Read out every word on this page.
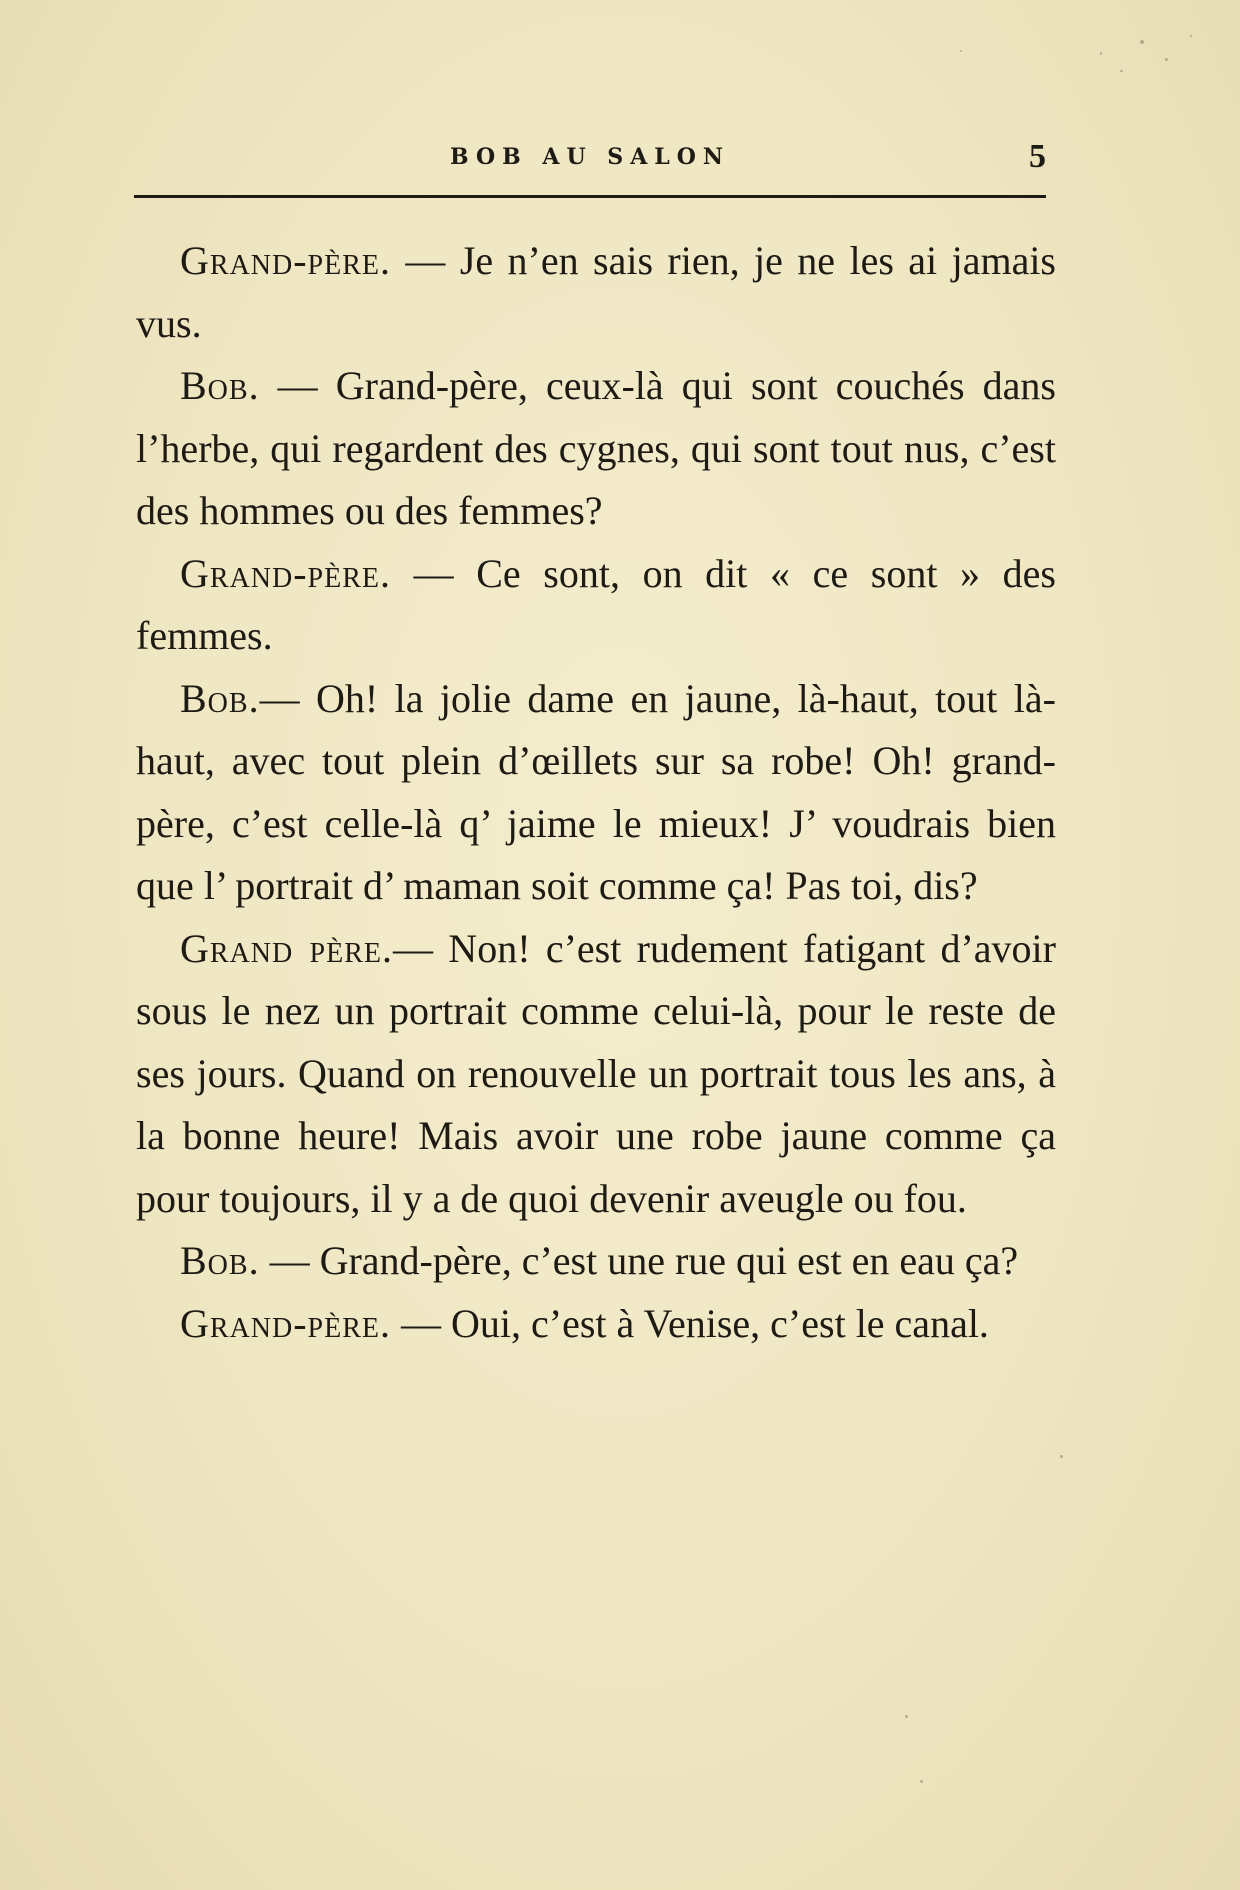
BOB AU SALON	5

Grand-père. — Je n’en sais rien, je ne les ai jamais vus.

Bob. — Grand-père, ceux-là qui sont couchés dans l’herbe, qui regardent des cygnes, qui sont tout nus, c’est des hommes ou des femmes?

Grand-père. — Ce sont, on dit « ce sont » des femmes.

Bob.— Oh! la jolie dame en jaune, là-haut, tout là-haut, avec tout plein d’œillets sur sa robe! Oh! grand-père, c’est celle-là q’ jaime le mieux! J’ voudrais bien que l’ portrait d’ maman soit comme ça! Pas toi, dis?

Grand père.— Non! c’est rudement fatigant d’avoir sous le nez un portrait comme celui-là, pour le reste de ses jours. Quand on renouvelle un portrait tous les ans, à la bonne heure! Mais avoir une robe jaune comme ça pour toujours, il y a de quoi devenir aveugle ou fou.

Bob. — Grand-père, c’est une rue qui est en eau ça?

Grand-père. — Oui, c’est à Venise, c’est le canal.
